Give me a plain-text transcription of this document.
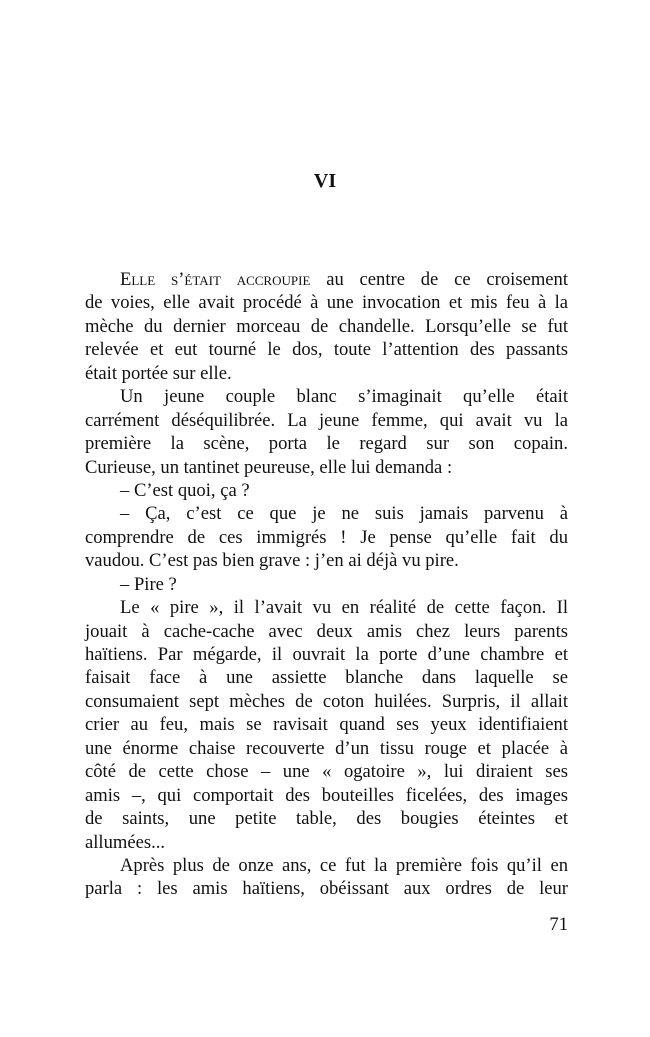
VI
Elle s’était accroupie au centre de ce croisement
de voies, elle avait procédé à une invocation et mis feu à la
mèche du dernier morceau de chandelle. Lorsqu’elle se fut
relevée et eut tourné le dos, toute l’attention des passants
était portée sur elle.
Un jeune couple blanc s’imaginait qu’elle était
carrément déséquilibrée. La jeune femme, qui avait vu la
première la scène, porta le regard sur son copain.
Curieuse, un tantinet peureuse, elle lui demanda :
– C’est quoi, ça ?
– Ça, c’est ce que je ne suis jamais parvenu à
comprendre de ces immigrés ! Je pense qu’elle fait du
vaudou. C’est pas bien grave : j’en ai déjà vu pire.
– Pire ?
Le « pire », il l’avait vu en réalité de cette façon. Il
jouait à cache-cache avec deux amis chez leurs parents
haïtiens. Par mégarde, il ouvrait la porte d’une chambre et
faisait face à une assiette blanche dans laquelle se
consumaient sept mèches de coton huilées. Surpris, il allait
crier au feu, mais se ravisait quand ses yeux identifiaient
une énorme chaise recouverte d’un tissu rouge et placée à
côté de cette chose – une « ogatoire », lui diraient ses
amis –, qui comportait des bouteilles ficelées, des images
de saints, une petite table, des bougies éteintes et
allumées...
Après plus de onze ans, ce fut la première fois qu’il en
parla : les amis haïtiens, obéissant aux ordres de leur
71
